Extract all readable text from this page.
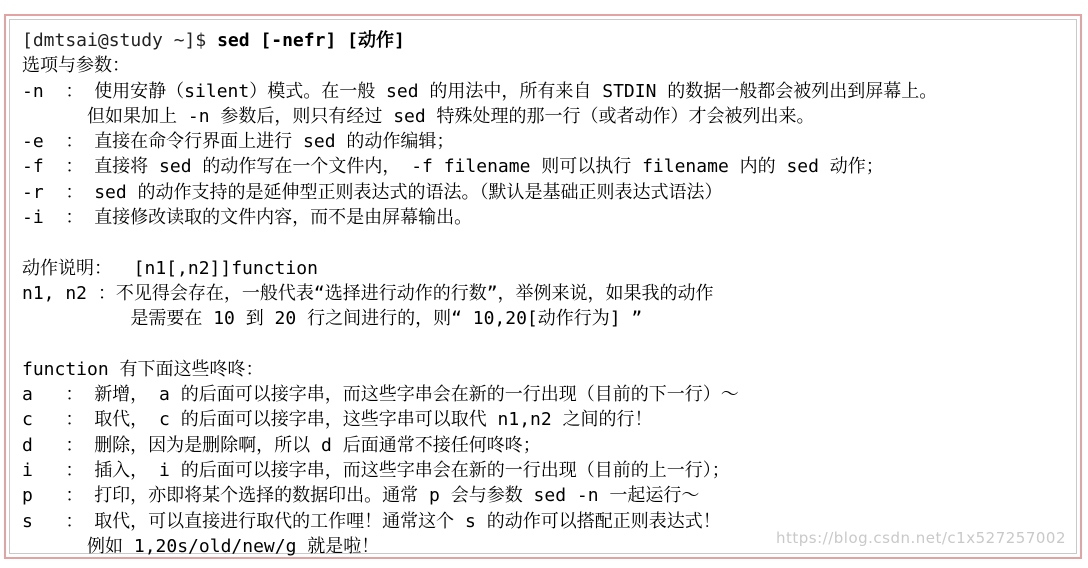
[dmtsai@study ~]$ sed [-nefr] [动作]
选项与参数：
-n  ： 使用安静（silent）模式。在一般 sed 的用法中，所有来自 STDIN 的数据一般都会被列出到屏幕上。
但如果加上 -n 参数后，则只有经过 sed 特殊处理的那一行（或者动作）才会被列出来。
-e  ： 直接在命令行界面上进行 sed 的动作编辑；
-f  ： 直接将 sed 的动作写在一个文件内， -f filename 则可以执行 filename 内的 sed 动作；
-r  ： sed 的动作支持的是延伸型正则表达式的语法。（默认是基础正则表达式语法）
-i  ： 直接修改读取的文件内容，而不是由屏幕输出。
动作说明：  [n1[,n2]]function
n1, n2 ：不见得会存在，一般代表“选择进行动作的行数”，举例来说，如果我的动作
是需要在 10 到 20 行之间进行的，则“ 10,20[动作行为] ”
function 有下面这些咚咚：
a   ： 新增， a 的后面可以接字串，而这些字串会在新的一行出现（目前的下一行）～
c   ： 取代， c 的后面可以接字串，这些字串可以取代 n1,n2 之间的行！
d   ： 删除，因为是删除啊，所以 d 后面通常不接任何咚咚；
i   ： 插入， i 的后面可以接字串，而这些字串会在新的一行出现（目前的上一行）；
p   ： 打印，亦即将某个选择的数据印出。通常 p 会与参数 sed -n 一起运行～
s   ： 取代，可以直接进行取代的工作哩！通常这个 s 的动作可以搭配正则表达式！
例如 1,20s/old/new/g 就是啦！	https://blog.csdn.net/c1x527257002
